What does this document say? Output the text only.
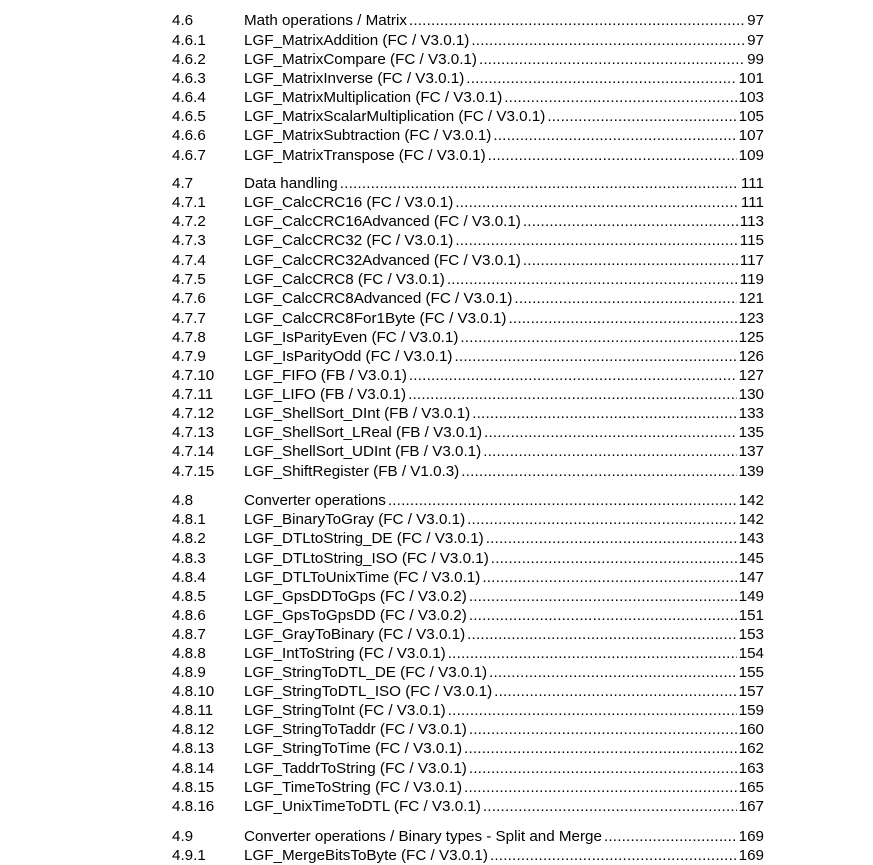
4.6	Math operations / Matrix .....	97
4.6.1	LGF_MatrixAddition (FC / V3.0.1) .....	97
4.6.2	LGF_MatrixCompare (FC / V3.0.1) .....	99
4.6.3	LGF_MatrixInverse (FC / V3.0.1) .....	101
4.6.4	LGF_MatrixMultiplication (FC / V3.0.1) .....	103
4.6.5	LGF_MatrixScalarMultiplication (FC / V3.0.1) .....	105
4.6.6	LGF_MatrixSubtraction (FC / V3.0.1) .....	107
4.6.7	LGF_MatrixTranspose (FC / V3.0.1) .....	109
4.7	Data handling .....	111
4.7.1	LGF_CalcCRC16 (FC / V3.0.1) .....	111
4.7.2	LGF_CalcCRC16Advanced (FC / V3.0.1) .....	113
4.7.3	LGF_CalcCRC32 (FC / V3.0.1) .....	115
4.7.4	LGF_CalcCRC32Advanced (FC / V3.0.1) .....	117
4.7.5	LGF_CalcCRC8 (FC / V3.0.1) .....	119
4.7.6	LGF_CalcCRC8Advanced (FC / V3.0.1) .....	121
4.7.7	LGF_CalcCRC8For1Byte (FC / V3.0.1) .....	123
4.7.8	LGF_IsParityEven (FC / V3.0.1) .....	125
4.7.9	LGF_IsParityOdd (FC / V3.0.1) .....	126
4.7.10 LGF_FIFO (FB / V3.0.1) .....	127
4.7.11 LGF_LIFO (FB / V3.0.1) .....	130
4.7.12 LGF_ShellSort_DInt (FB / V3.0.1) .....	133
4.7.13 LGF_ShellSort_LReal (FB / V3.0.1) .....	135
4.7.14 LGF_ShellSort_UDInt (FB / V3.0.1) .....	137
4.7.15 LGF_ShiftRegister (FB / V1.0.3) .....	139
4.8	Converter operations .....	142
4.8.1	LGF_BinaryToGray (FC / V3.0.1) .....	142
4.8.2	LGF_DTLtoString_DE (FC / V3.0.1) .....	143
4.8.3	LGF_DTLtoString_ISO (FC / V3.0.1) .....	145
4.8.4	LGF_DTLToUnixTime (FC / V3.0.1) .....	147
4.8.5	LGF_GpsDDToGps (FC / V3.0.2) .....	149
4.8.6	LGF_GpsToGpsDD (FC / V3.0.2) .....	151
4.8.7	LGF_GrayToBinary (FC / V3.0.1) .....	153
4.8.8	LGF_IntToString (FC / V3.0.1) .....	154
4.8.9	LGF_StringToDTL_DE (FC / V3.0.1) .....	155
4.8.10 LGF_StringToDTL_ISO (FC / V3.0.1) .....	157
4.8.11 LGF_StringToInt (FC / V3.0.1) .....	159
4.8.12 LGF_StringToTaddr (FC / V3.0.1) .....	160
4.8.13 LGF_StringToTime (FC / V3.0.1) .....	162
4.8.14 LGF_TaddrToString (FC / V3.0.1) .....	163
4.8.15 LGF_TimeToString (FC / V3.0.1) .....	165
4.8.16 LGF_UnixTimeToDTL (FC / V3.0.1) .....	167
4.9	Converter operations / Binary types - Split and Merge .....	169
4.9.1	LGF_MergeBitsToByte (FC / V3.0.1) .....	169
